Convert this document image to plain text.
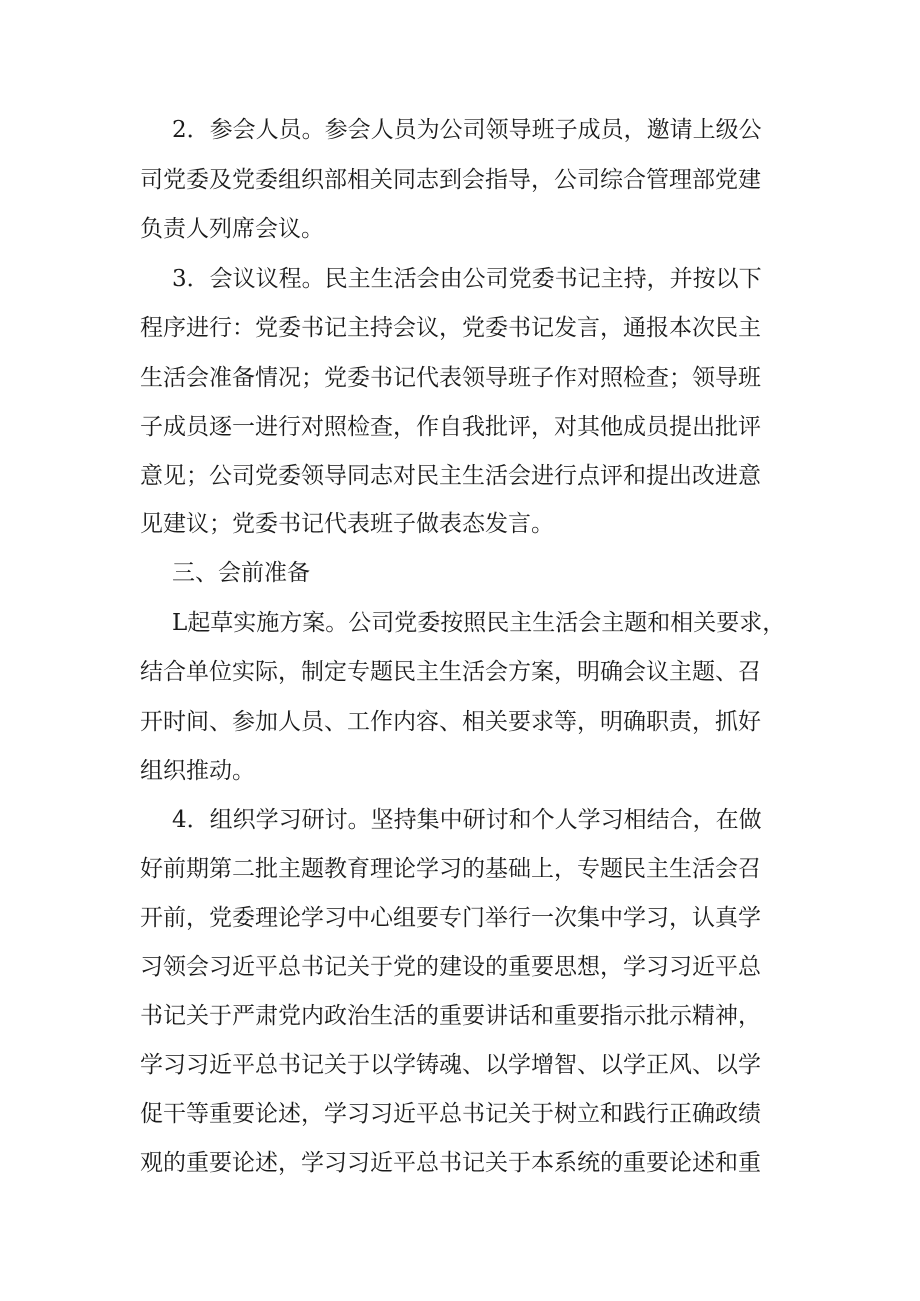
2．参会人员。参会人员为公司领导班子成员，邀请上级公
司党委及党委组织部相关同志到会指导，公司综合管理部党建
负责人列席会议。
3．会议议程。民主生活会由公司党委书记主持，并按以下
程序进行：党委书记主持会议，党委书记发言，通报本次民主
生活会准备情况；党委书记代表领导班子作对照检查；领导班
子成员逐一进行对照检查，作自我批评，对其他成员提出批评
意见；公司党委领导同志对民主生活会进行点评和提出改进意
见建议；党委书记代表班子做表态发言。
三、会前准备
L起草实施方案。公司党委按照民主生活会主题和相关要求，
结合单位实际，制定专题民主生活会方案，明确会议主题、召
开时间、参加人员、工作内容、相关要求等，明确职责，抓好
组织推动。
4．组织学习研讨。坚持集中研讨和个人学习相结合，在做
好前期第二批主题教育理论学习的基础上，专题民主生活会召
开前，党委理论学习中心组要专门举行一次集中学习，认真学
习领会习近平总书记关于党的建设的重要思想，学习习近平总
书记关于严肃党内政治生活的重要讲话和重要指示批示精神，
学习习近平总书记关于以学铸魂、以学增智、以学正风、以学
促干等重要论述，学习习近平总书记关于树立和践行正确政绩
观的重要论述，学习习近平总书记关于本系统的重要论述和重
